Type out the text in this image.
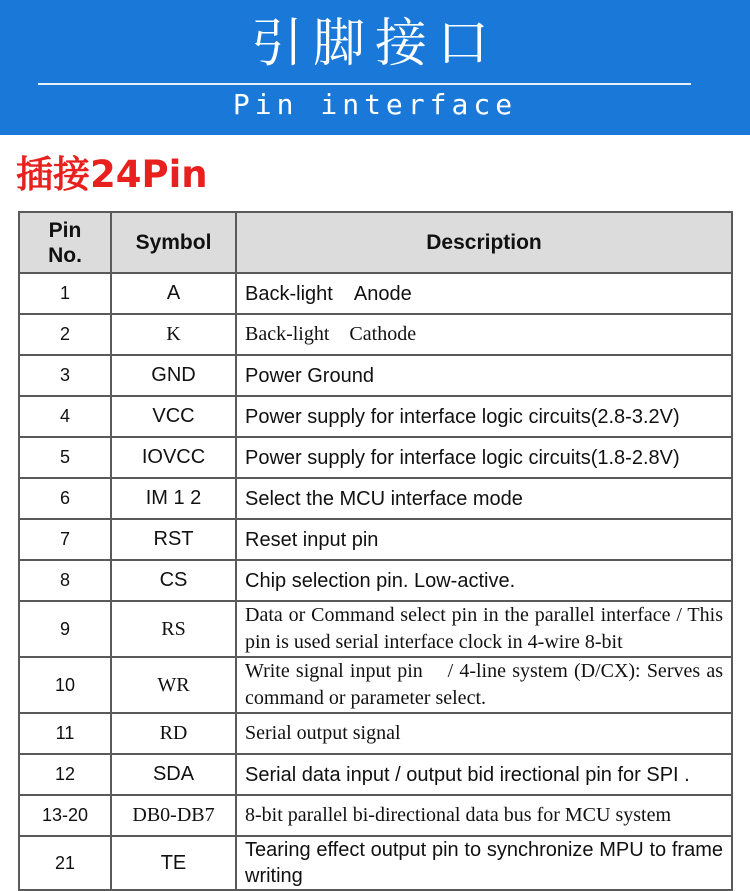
引脚接口
Pin interface
插接24Pin
Pin No.	Symbol	Description
1	A	Back-light    Anode
2	K	Back-light    Cathode
3	GND	Power Ground
4	VCC	Power supply for interface logic circuits(2.8-3.2V)
5	IOVCC	Power supply for interface logic circuits(1.8-2.8V)
6	IM 1 2	Select the MCU interface mode
7	RST	Reset input pin
8	CS	Chip selection pin. Low-active.
9	RS	Data or Command select pin in the parallel interface / This pin is used serial interface clock in 4-wire 8-bit
10	WR	Write signal input pin    / 4-line system (D/CX): Serves as command or parameter select.
11	RD	Serial output signal
12	SDA	Serial data input / output bid irectional pin for SPI .
13-20	DB0-DB7	8-bit parallel bi-directional data bus for MCU system
21	TE	Tearing effect output pin to synchronize MPU to frame writing
